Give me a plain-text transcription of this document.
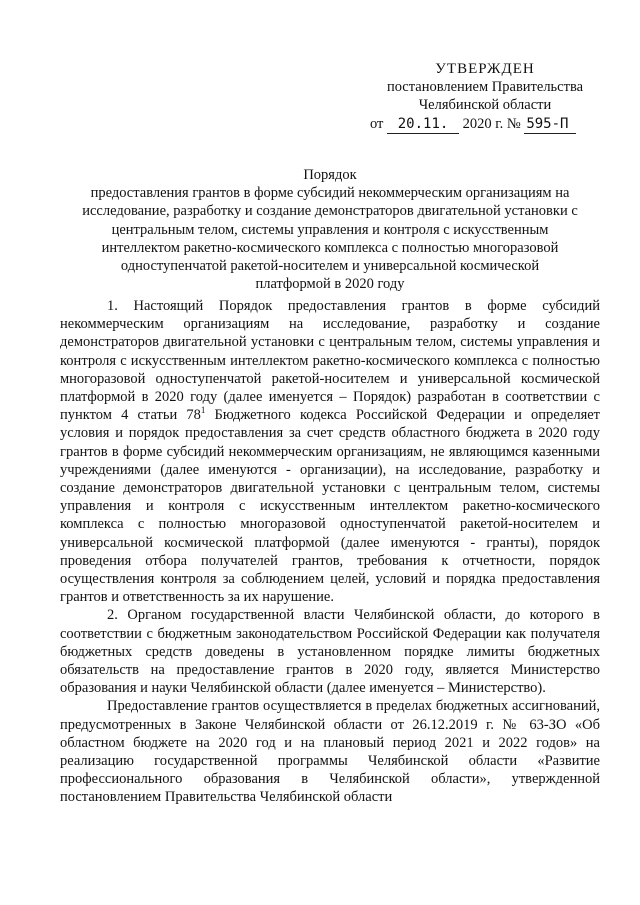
УТВЕРЖДЕН
постановлением Правительства
Челябинской области
от 20.11. 2020 г. № 595-П
Порядок
предоставления грантов в форме субсидий некоммерческим организациям на
исследование, разработку и создание демонстраторов двигательной установки с
центральным телом, системы управления и контроля с искусственным
интеллектом ракетно-космического комплекса с полностью многоразовой
одноступенчатой ракетой-носителем и универсальной космической
платформой в 2020 году

1. Настоящий Порядок предоставления грантов в форме субсидий некоммерческим организациям на исследование, разработку и создание демонстраторов двигательной установки с центральным телом, системы управления и контроля с искусственным интеллектом ракетно-космического комплекса с полностью многоразовой одноступенчатой ракетой-носителем и универсальной космической платформой в 2020 году (далее именуется – Порядок) разработан в соответствии с пунктом 4 статьи $78^1$ Бюджетного кодекса Российской Федерации и определяет условия и порядок предоставления за счет средств областного бюджета в 2020 году грантов в форме субсидий некоммерческим организациям, не являющимся казенными учреждениями (далее именуются - организации), на исследование, разработку и создание демонстраторов двигательной установки с центральным телом, системы управления и контроля с искусственным интеллектом ракетно-космического комплекса с полностью многоразовой одноступенчатой ракетой-носителем и универсальной космической платформой (далее именуются - гранты), порядок проведения отбора получателей грантов, требования к отчетности, порядок осуществления контроля за соблюдением целей, условий и порядка предоставления грантов и ответственность за их нарушение.

2. Органом государственной власти Челябинской области, до которого в соответствии с бюджетным законодательством Российской Федерации как получателя бюджетных средств доведены в установленном порядке лимиты бюджетных обязательств на предоставление грантов в 2020 году, является Министерство образования и науки Челябинской области (далее именуется – Министерство).

Предоставление грантов осуществляется в пределах бюджетных ассигнований, предусмотренных в Законе Челябинской области от 26.12.2019 г. № 63-ЗО «Об областном бюджете на 2020 год и на плановый период 2021 и 2022 годов» на реализацию государственной программы Челябинской области «Развитие профессионального образования в Челябинской области», утвержденной постановлением Правительства Челябинской области
